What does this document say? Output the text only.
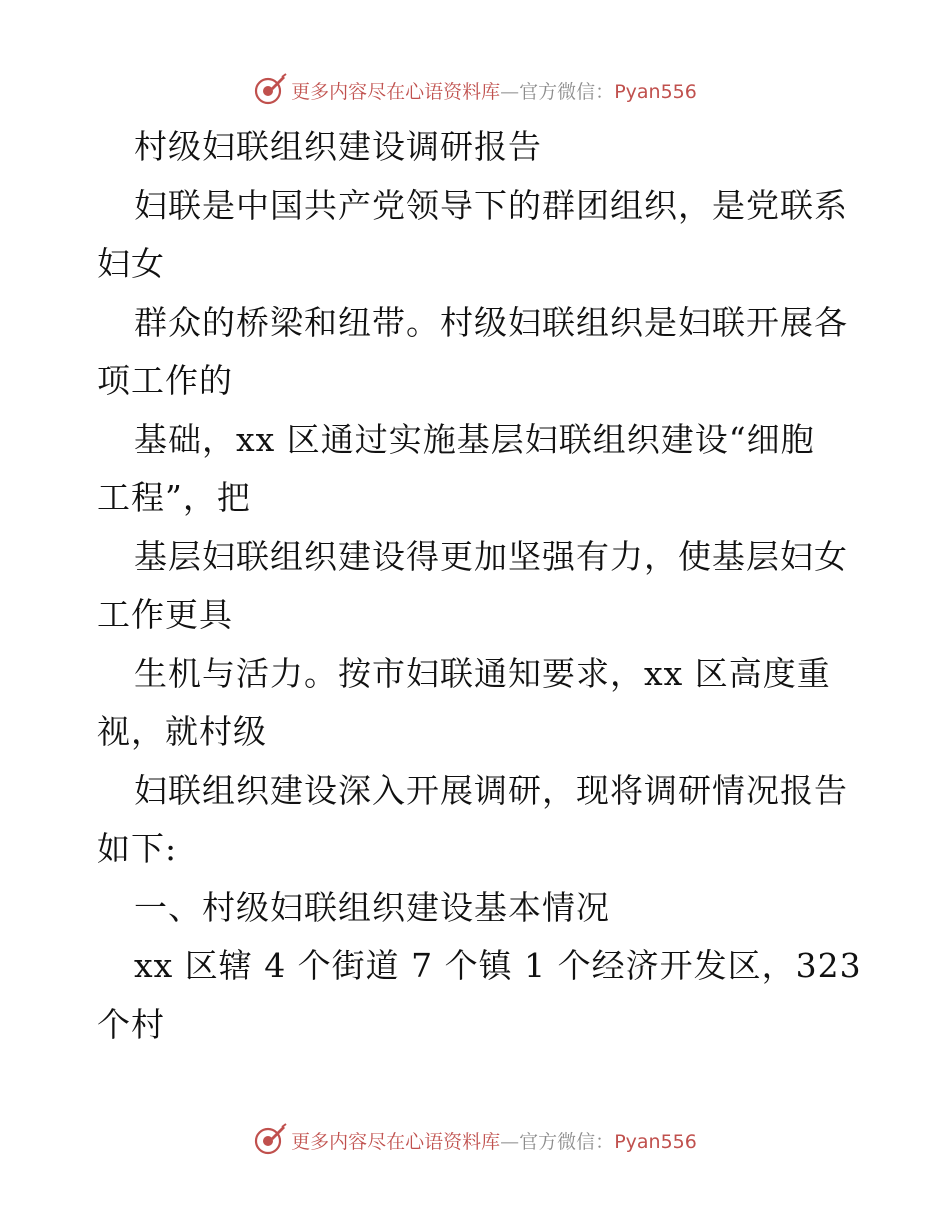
更多内容尽在心语资料库—官方微信：Pyan556
村级妇联组织建设调研报告
妇联是中国共产党领导下的群团组织，是党联系
妇女
群众的桥梁和纽带。村级妇联组织是妇联开展各
项工作的
基础，xx 区通过实施基层妇联组织建设“细胞
工程”，把
基层妇联组织建设得更加坚强有力，使基层妇女
工作更具
生机与活力。按市妇联通知要求，xx 区高度重
视，就村级
妇联组织建设深入开展调研，现将调研情况报告
如下:
一、村级妇联组织建设基本情况
xx 区辖 4 个街道 7 个镇 1 个经济开发区，323
个村
更多内容尽在心语资料库—官方微信：Pyan556
